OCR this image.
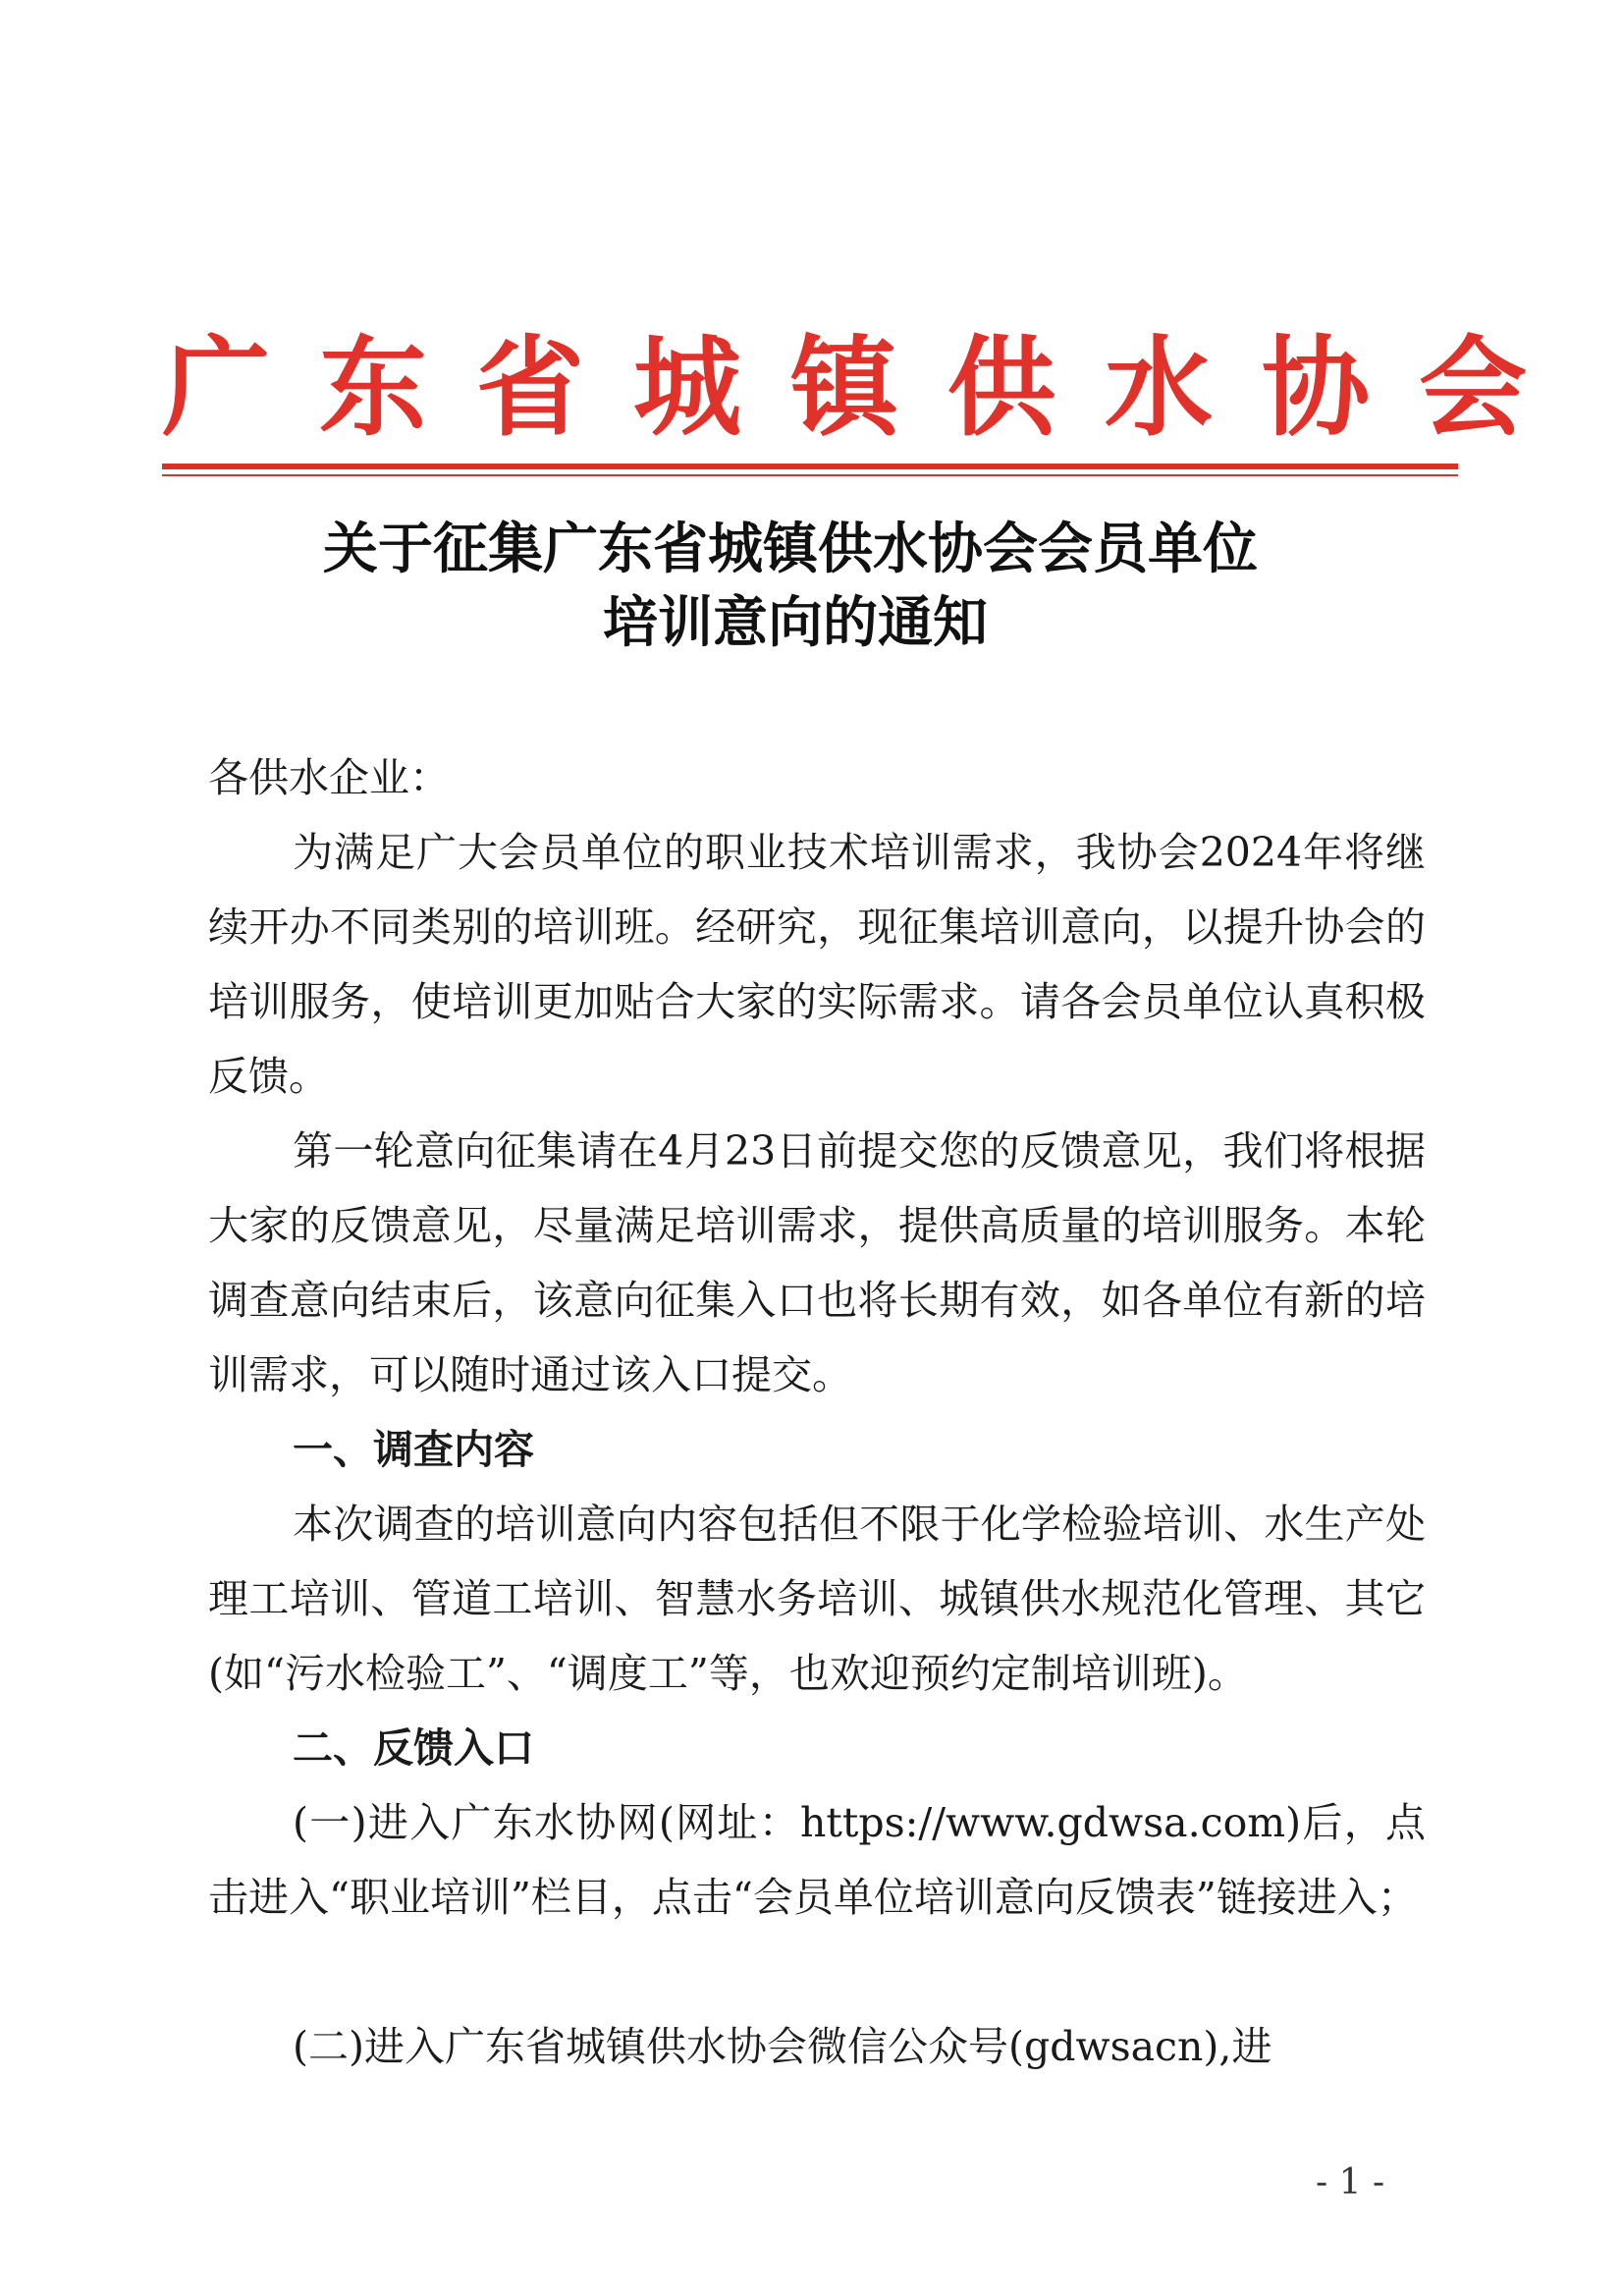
广东省城镇供水协会
关于征集广东省城镇供水协会会员单位
培训意向的通知
各供水企业：
为满足广大会员单位的职业技术培训需求，我协会2024年将继续开办不同类别的培训班。经研究，现征集培训意向，以提升协会的培训服务，使培训更加贴合大家的实际需求。请各会员单位认真积极反馈。
第一轮意向征集请在4月23日前提交您的反馈意见，我们将根据大家的反馈意见，尽量满足培训需求，提供高质量的培训服务。本轮调查意向结束后，该意向征集入口也将长期有效，如各单位有新的培训需求，可以随时通过该入口提交。
一、调查内容
本次调查的培训意向内容包括但不限于化学检验培训、水生产处理工培训、管道工培训、智慧水务培训、城镇供水规范化管理、其它(如“污水检验工”、“调度工”等，也欢迎预约定制培训班)。
二、反馈入口
(一)进入广东水协网(网址：https://www.gdwsa.com)后，点击进入“职业培训”栏目，点击“会员单位培训意向反馈表”链接进入；
(二)进入广东省城镇供水协会微信公众号(gdwsacn),进
- 1 -
